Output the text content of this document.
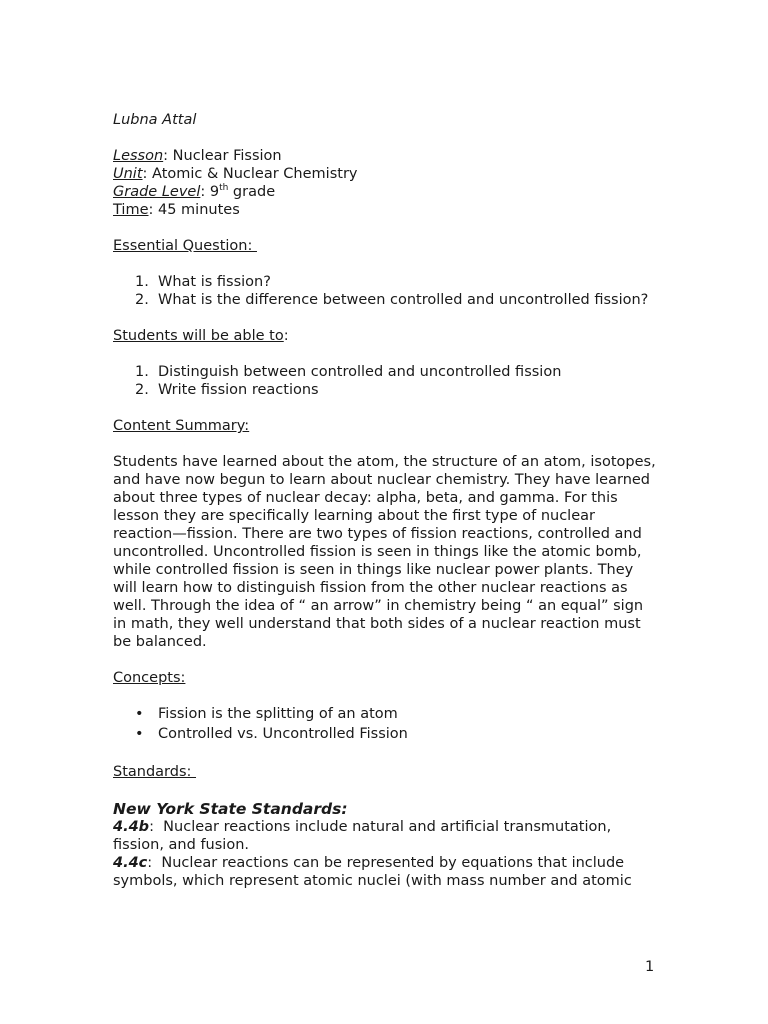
Lubna Attal

Lesson: Nuclear Fission

Unit: Atomic & Nuclear Chemistry

Grade Level: 9th grade

Time: 45 minutes

Essential Question:

1. What is fission?
2. What is the difference between controlled and uncontrolled fission?

Students will be able to:

1. Distinguish between controlled and uncontrolled fission
2. Write fission reactions

Content Summary:

Students have learned about the atom, the structure of an atom, isotopes, and have now begun to learn about nuclear chemistry. They have learned about three types of nuclear decay: alpha, beta, and gamma. For this lesson they are specifically learning about the first type of nuclear reaction—fission. There are two types of fission reactions, controlled and uncontrolled. Uncontrolled fission is seen in things like the atomic bomb, while controlled fission is seen in things like nuclear power plants. They will learn how to distinguish fission from the other nuclear reactions as well. Through the idea of “ an arrow” in chemistry being “ an equal” sign in math, they well understand that both sides of a nuclear reaction must be balanced.

Concepts:

• Fission is the splitting of an atom
• Controlled vs. Uncontrolled Fission

Standards:

New York State Standards:

4.4b:  Nuclear reactions include natural and artificial transmutation, fission, and fusion.

4.4c:  Nuclear reactions can be represented by equations that include symbols, which represent atomic nuclei (with mass number and atomic

1
